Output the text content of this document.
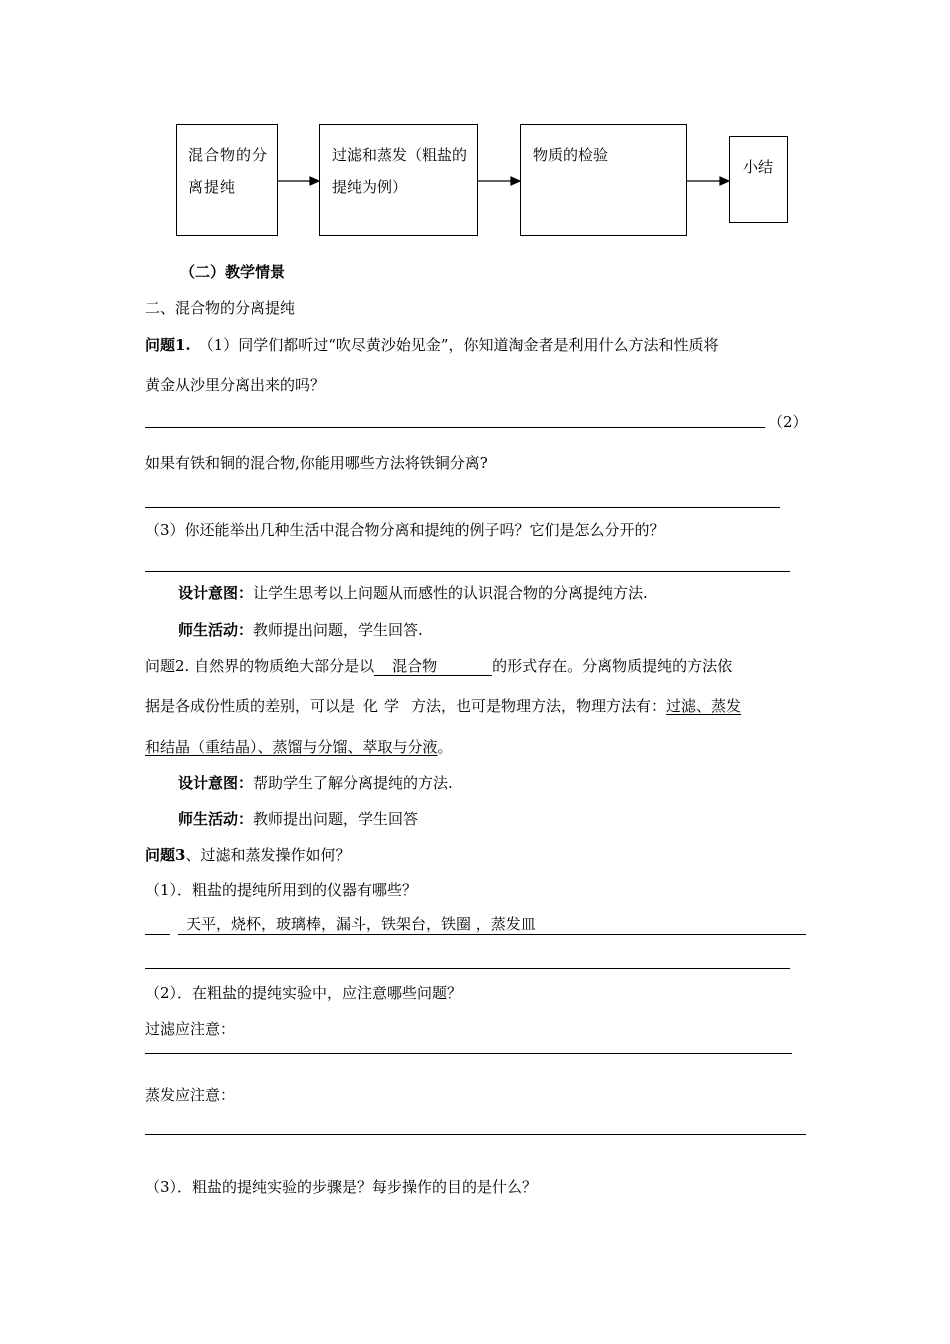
混合物的分离提纯
过滤和蒸发（粗盐的提纯为例）
物质的检验
小结
（二）教学情景
二、混合物的分离提纯
问题1. （1）同学们都听过“吹尽黄沙始见金”，你知道淘金者是利用什么方法和性质将
黄金从沙里分离出来的吗？
（2）
如果有铁和铜的混合物,你能用哪些方法将铁铜分离?
（3）你还能举出几种生活中混合物分离和提纯的例子吗？它们是怎么分开的？
设计意图：让学生思考以上问题从而感性的认识混合物的分离提纯方法.
师生活动：教师提出问题，学生回答.
问题2. 自然界的物质绝大部分是以 混合物	的形式存在。分离物质提纯的方法依
据是各成份性质的差别，可以是 化学 方法，也可是物理方法，物理方法有：过滤、蒸发
和结晶（重结晶）、蒸馏与分馏、萃取与分液。
设计意图：帮助学生了解分离提纯的方法.
师生活动：教师提出问题，学生回答
问题3、过滤和蒸发操作如何？
（1）．粗盐的提纯所用到的仪器有哪些？
天平，烧杯，玻璃棒，漏斗，铁架台，铁圈 ，蒸发皿
（2）．在粗盐的提纯实验中，应注意哪些问题？
过滤应注意：
蒸发应注意：
（3）．粗盐的提纯实验的步骤是？每步操作的目的是什么？
